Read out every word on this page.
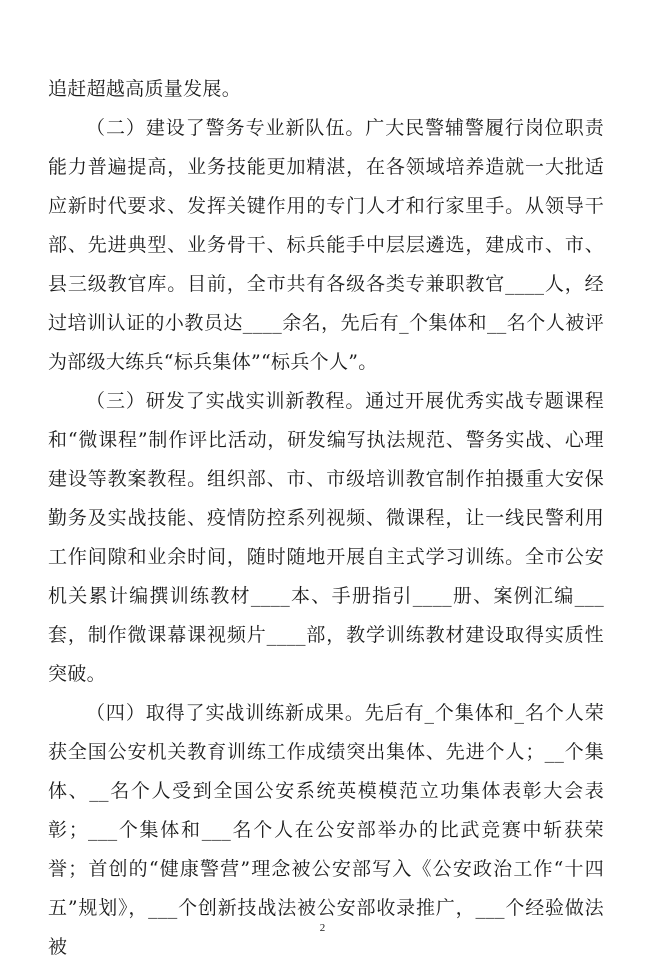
追赶超越高质量发展。

（二）建设了警务专业新队伍。广大民警辅警履行岗位职责能力普遍提高，业务技能更加精湛，在各领域培养造就一大批适应新时代要求、发挥关键作用的专门人才和行家里手。从领导干部、先进典型、业务骨干、标兵能手中层层遴选，建成市、市、县三级教官库。目前，全市共有各级各类专兼职教官____人，经过培训认证的小教员达____余名，先后有_个集体和__名个人被评为部级大练兵“标兵集体”“标兵个人”。

（三）研发了实战实训新教程。通过开展优秀实战专题课程和“微课程”制作评比活动，研发编写执法规范、警务实战、心理建设等教案教程。组织部、市、市级培训教官制作拍摄重大安保勤务及实战技能、疫情防控系列视频、微课程，让一线民警利用工作间隙和业余时间，随时随地开展自主式学习训练。全市公安机关累计编撰训练教材____本、手册指引____册、案例汇编___套，制作微课幕课视频片____部，教学训练教材建设取得实质性突破。

（四）取得了实战训练新成果。先后有_个集体和_名个人荣获全国公安机关教育训练工作成绩突出集体、先进个人；__个集体、__名个人受到全国公安系统英模模范立功集体表彰大会表彰；___个集体和___名个人在公安部举办的比武竞赛中斩获荣誉；首创的“健康警营”理念被公安部写入《公安政治工作“十四五”规划》，___个创新技战法被公安部收录推广，___个经验做法被

2
